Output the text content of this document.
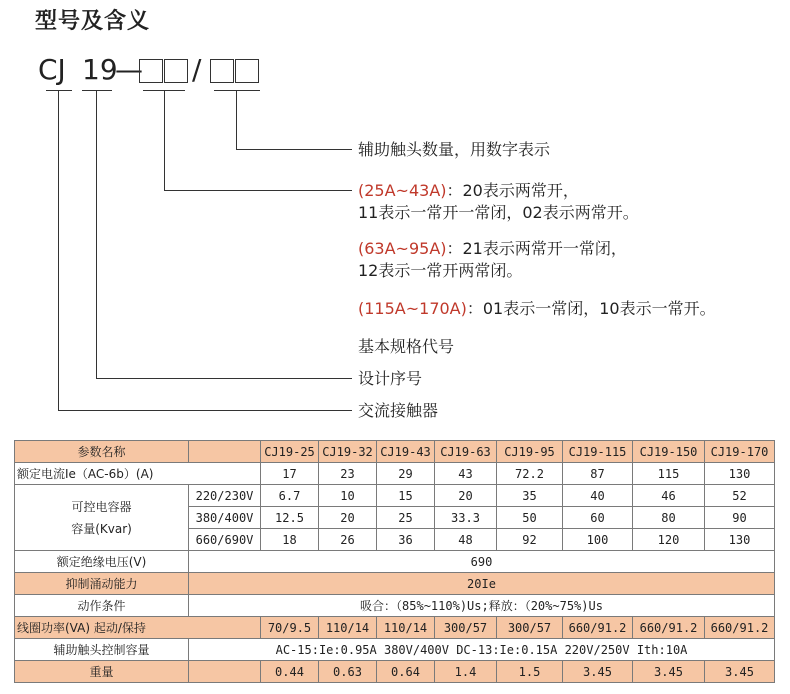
型号及含义
CJ 19
— /
辅助触头数量，用数字表示
(25A~43A)：20表示两常开，
11表示一常开一常闭，02表示两常开。
(63A~95A)：21表示两常开一常闭，
12表示一常开两常闭。
(115A~170A)：01表示一常闭，10表示一常开。
基本规格代号
设计序号
交流接触器
参数名称		CJ19-25	CJ19-32	CJ19-43	CJ19-63	CJ19-95	CJ19-115	CJ19-150	CJ19-170
额定电流Ie（AC-6b）(A)		17	23	29	43	72.2	87	115	130
可控电容器
容量(Kvar)	220/230V	6.7	10	15	20	35	40	46	52
	380/400V	12.5	20	25	33.3	50	60	80	90
	660/690V	18	26	36	48	92	100	120	130
额定绝缘电压(V)	690								
抑制涌动能力	20Ie								
动作条件	吸合：（85%~110%)Us;释放：（20%~75%)Us								
线圈功率(VA) 起动/保持		70/9.5	110/14	110/14	300/57	300/57	660/91.2	660/91.2	660/91.2
辅助触头控制容量	AC-15:Ie:0.95A 380V/400V DC-13:Ie:0.15A 220V/250V Ith:10A								
重量		0.44	0.63	0.64	1.4	1.5	3.45	3.45	3.45
